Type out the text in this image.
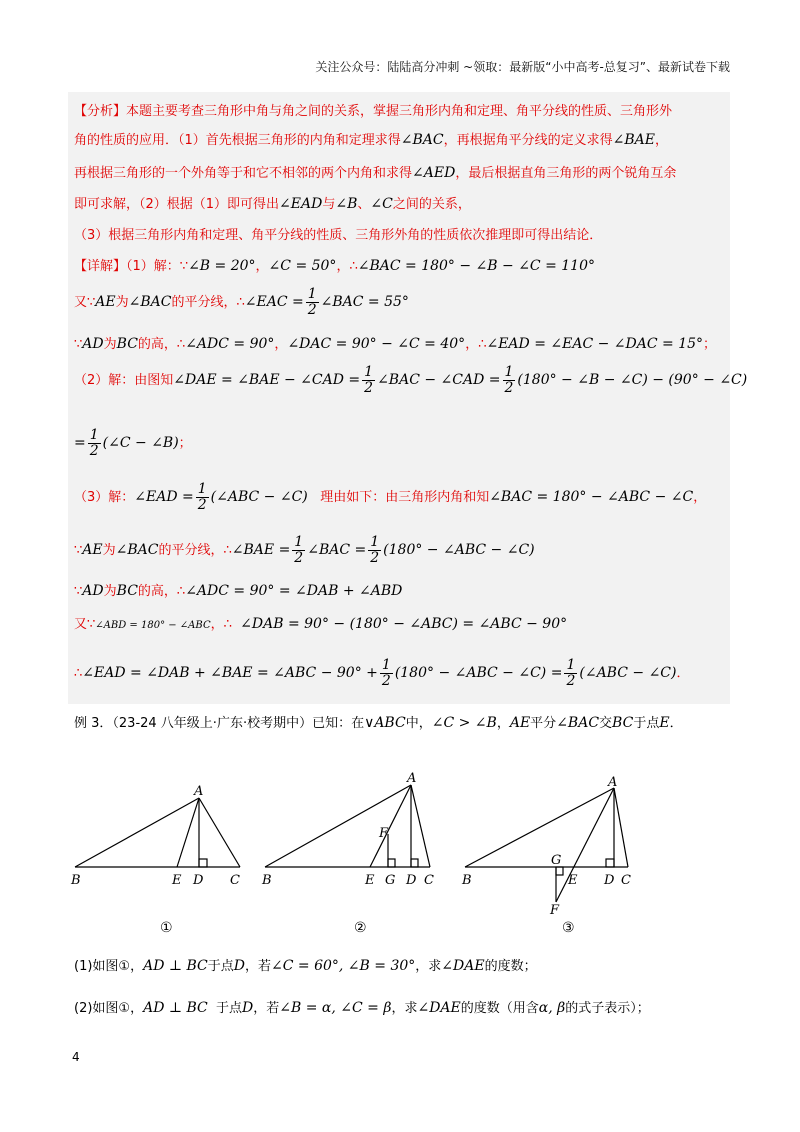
关注公众号：陆陆高分冲刺 ~领取：最新版“小中高考-总复习”、最新试卷下载
【分析】本题主要考查三角形中角与角之间的关系，掌握三角形内角和定理、角平分线的性质、三角形外
角的性质的应用．（1）首先根据三角形的内角和定理求得∠BAC，再根据角平分线的定义求得∠BAE，
再根据三角形的一个外角等于和它不相邻的两个内角和求得∠AED，最后根据直角三角形的两个锐角互余
即可求解，（2）根据（1）即可得出∠EAD与∠B、∠C之间的关系，
（3）根据三角形内角和定理、角平分线的性质、三角形外角的性质依次推理即可得出结论．
【详解】（1）解：∵∠B = 20°，∠C = 50°，∴∠BAC = 180° − ∠B − ∠C = 110°
又∵AE为∠BAC的平分线，∴∠EAC = $\frac{1}{2}$ ∠BAC = 55°
∵AD为BC的高，∴∠ADC = 90°，∠DAC = 90° − ∠C = 40°，∴∠EAD = ∠EAC − ∠DAC = 15°；
（2）解：由图知∠DAE = ∠BAE − ∠CAD = $\frac{1}{2}$ ∠BAC − ∠CAD = $\frac{1}{2} (180^\circ$ − ∠B − ∠C) − (90° − ∠C)
= $\frac{1}{2}$ (∠C − ∠B)；
（3）解：∠EAD = $\frac{1}{2}$ (∠ABC − ∠C) 理由如下：由三角形内角和知∠BAC = 180° − ∠ABC − ∠C，
∵AE为∠BAC的平分线，∴∠BAE = $\frac{1}{2}$ ∠BAC = $\frac{1}{2} (180^\circ$ − ∠ABC − ∠C)
∵AD为BC的高，∴∠ADC = 90° = ∠DAB + ∠ABD
又∵∠ABD = 180° − ∠ABC，∴ ∠DAB = 90° − (180° − ∠ABC) = ∠ABC − 90°
∴∠EAD = ∠DAB + ∠BAE = ∠ABC − $90^\circ + \frac{1}{2} (180^\circ$ − ∠ABC − ∠C) = $\frac{1}{2}$ (∠ABC − ∠C)．
例 3．（23-24 八年级上·广东·校考期中）已知：在∨ABC中，∠C > ∠B，AE平分∠BAC交BC于点E．
A
B	E D C
①
A
F
B	E G D C
②
A
G
B	E D C
F
③
(1)如图①，AD ⊥ BC于点D，若∠C = 60°, ∠B = 30°，求∠DAE的度数；
(2)如图①，AD ⊥ BC 于点D，若∠B = α, ∠C = β，求∠DAE的度数（用含α, β的式子表示）；
4
